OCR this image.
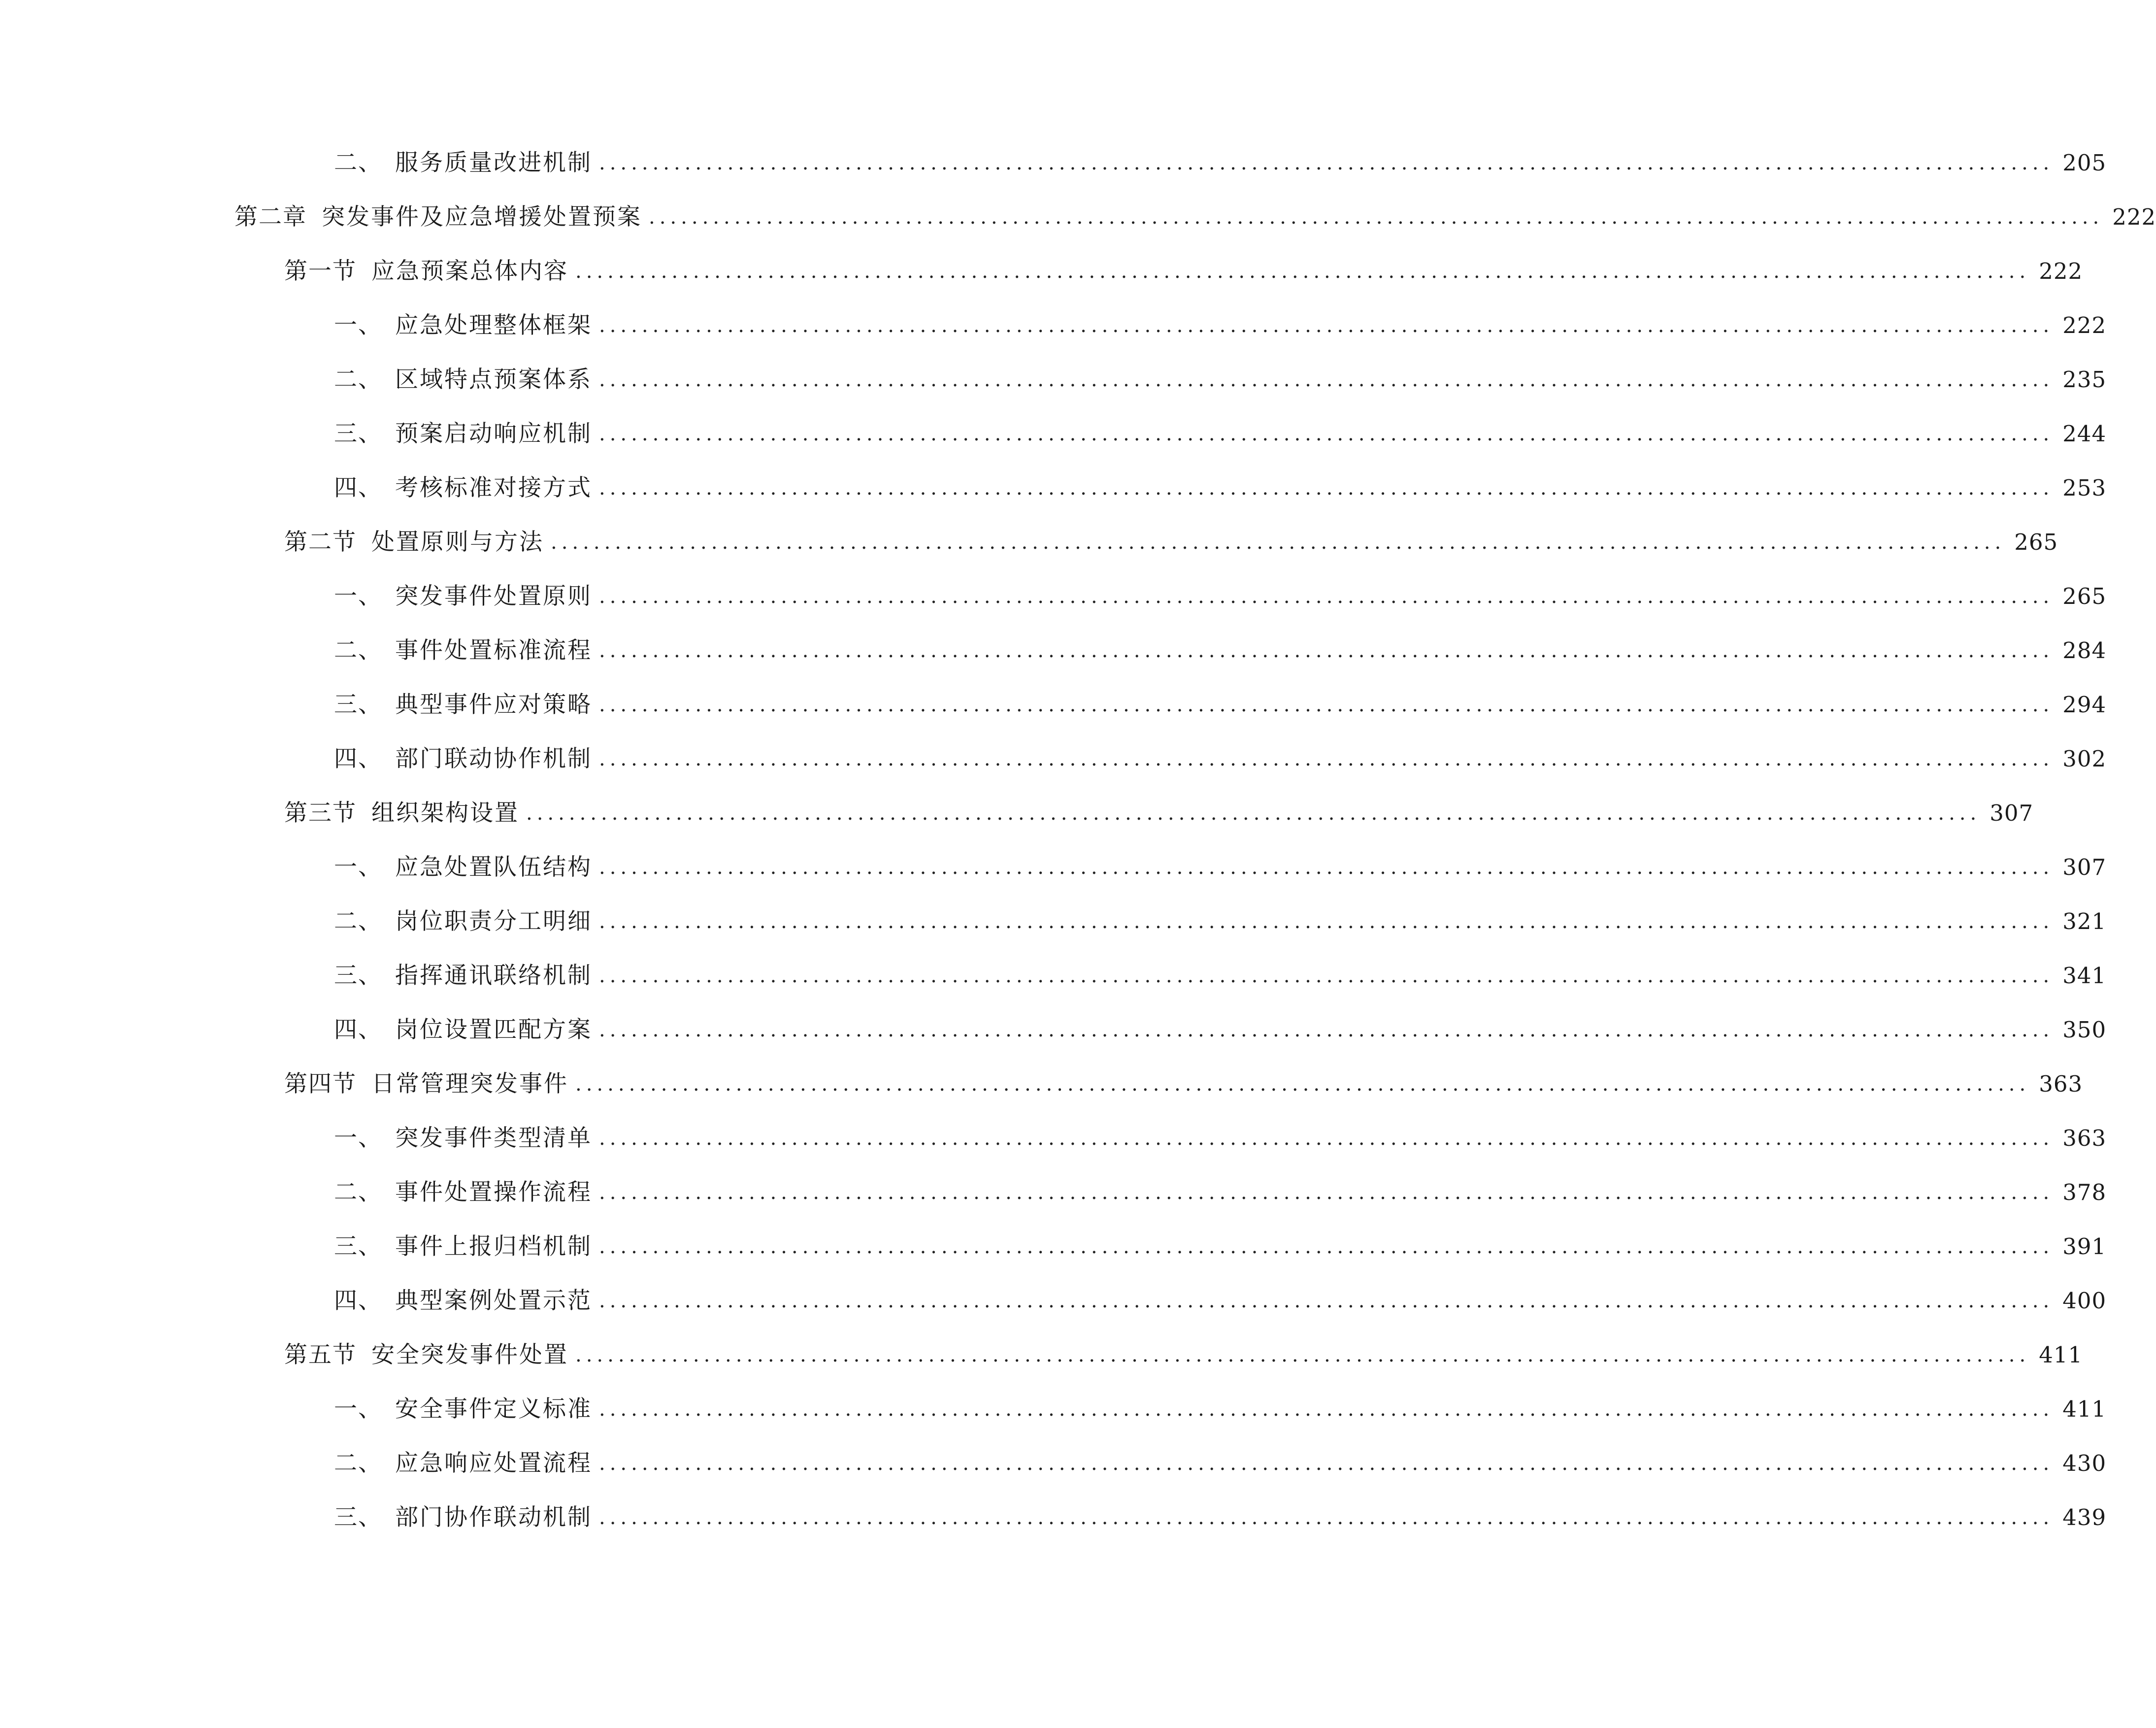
二、 服务质量改进机制 ........................................................................................................................................ 205
第二章 突发事件及应急增援处置预案 ........................................................................................................................................ 222
第一节 应急预案总体内容 ........................................................................................................................................ 222
一、 应急处理整体框架 ........................................................................................................................................ 222
二、 区域特点预案体系 ........................................................................................................................................ 235
三、 预案启动响应机制 ........................................................................................................................................ 244
四、 考核标准对接方式 ........................................................................................................................................ 253
第二节 处置原则与方法 ........................................................................................................................................ 265
一、 突发事件处置原则 ........................................................................................................................................ 265
二、 事件处置标准流程 ........................................................................................................................................ 284
三、 典型事件应对策略 ........................................................................................................................................ 294
四、 部门联动协作机制 ........................................................................................................................................ 302
第三节 组织架构设置 ........................................................................................................................................ 307
一、 应急处置队伍结构 ........................................................................................................................................ 307
二、 岗位职责分工明细 ........................................................................................................................................ 321
三、 指挥通讯联络机制 ........................................................................................................................................ 341
四、 岗位设置匹配方案 ........................................................................................................................................ 350
第四节 日常管理突发事件 ........................................................................................................................................ 363
一、 突发事件类型清单 ........................................................................................................................................ 363
二、 事件处置操作流程 ........................................................................................................................................ 378
三、 事件上报归档机制 ........................................................................................................................................ 391
四、 典型案例处置示范 ........................................................................................................................................ 400
第五节 安全突发事件处置 ........................................................................................................................................ 411
一、 安全事件定义标准 ........................................................................................................................................ 411
二、 应急响应处置流程 ........................................................................................................................................ 430
三、 部门协作联动机制 ........................................................................................................................................ 439
